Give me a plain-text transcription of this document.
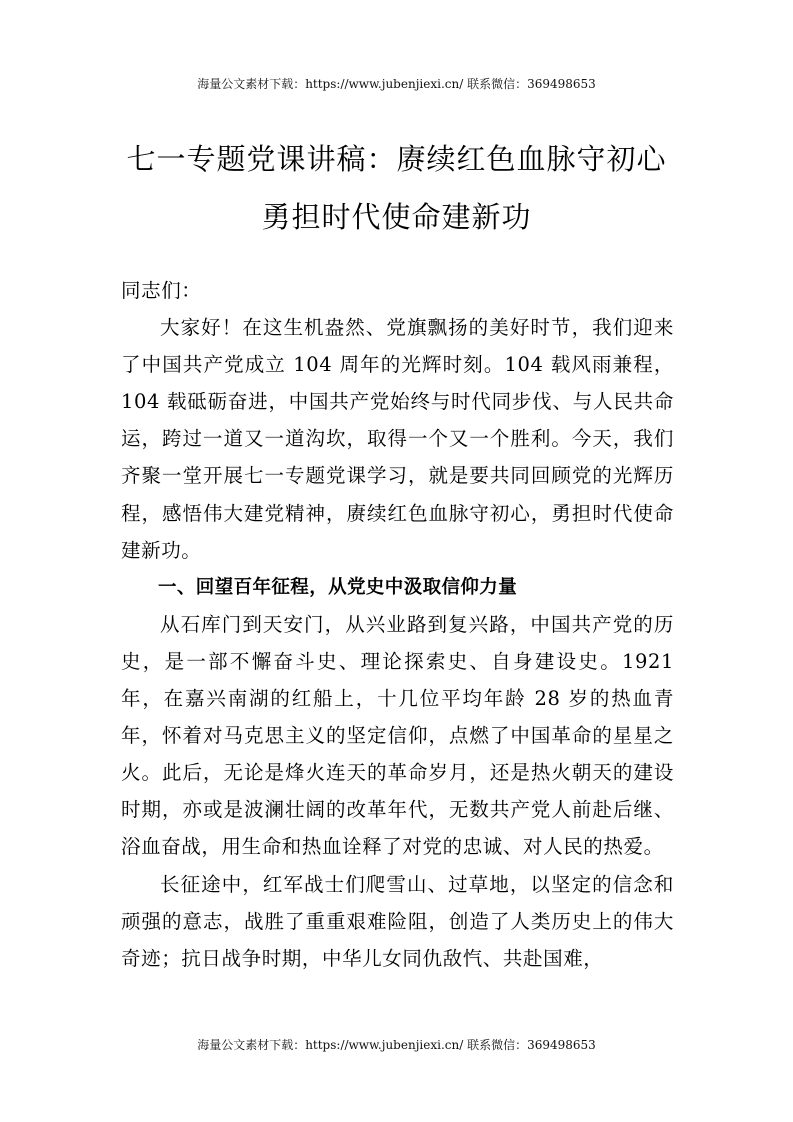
海量公文素材下载：https://www.jubenjiexi.cn/ 联系微信：369498653
七一专题党课讲稿：赓续红色血脉守初心
勇担时代使命建新功

同志们：

大家好！在这生机盎然、党旗飘扬的美好时节，我们迎来了中国共产党成立 104 周年的光辉时刻。104 载风雨兼程，104 载砥砺奋进，中国共产党始终与时代同步伐、与人民共命运，跨过一道又一道沟坎，取得一个又一个胜利。今天，我们齐聚一堂开展七一专题党课学习，就是要共同回顾党的光辉历程，感悟伟大建党精神，赓续红色血脉守初心，勇担时代使命建新功。

一、回望百年征程，从党史中汲取信仰力量

从石库门到天安门，从兴业路到复兴路，中国共产党的历史，是一部不懈奋斗史、理论探索史、自身建设史。1921 年，在嘉兴南湖的红船上，十几位平均年龄 28 岁的热血青年，怀着对马克思主义的坚定信仰，点燃了中国革命的星星之火。此后，无论是烽火连天的革命岁月，还是热火朝天的建设时期，亦或是波澜壮阔的改革年代，无数共产党人前赴后继、浴血奋战，用生命和热血诠释了对党的忠诚、对人民的热爱。

长征途中，红军战士们爬雪山、过草地，以坚定的信念和顽强的意志，战胜了重重艰难险阻，创造了人类历史上的伟大奇迹；抗日战争时期，中华儿女同仇敌忾、共赴国难，

海量公文素材下载：https://www.jubenjiexi.cn/ 联系微信：369498653
